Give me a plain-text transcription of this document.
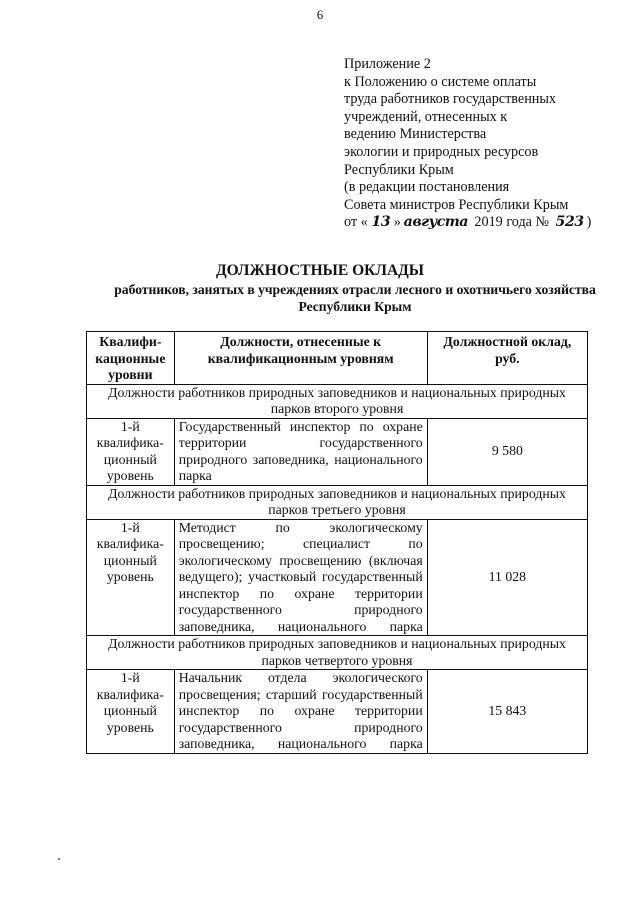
6
Приложение 2
к Положению о системе оплаты
труда работников государственных
учреждений, отнесенных к
ведению Министерства
экологии и природных ресурсов
Республики Крым
(в редакции постановления
Совета министров Республики Крым
от « 13 » августа 2019 года № 523 )
ДОЛЖНОСТНЫЕ ОКЛАДЫ
работников, занятых в учреждениях отрасли лесного и охотничьего хозяйства Республики Крым
Квалифи-кационные уровни	Должности, отнесенные к квалификационным уровням	Должностной оклад, руб.
Должности работников природных заповедников и национальных природных парков второго уровня		
1-й квалифика-ционный уровень	Государственный инспектор по охране территории государственного природного заповедника, национального парка	9 580
Должности работников природных заповедников и национальных природных парков третьего уровня		
1-й квалифика-ционный уровень	Методист по экологическому просвещению; специалист по экологическому просвещению (включая ведущего); участковый государственный инспектор по охране территории государственного природного заповедника, национального парка	11 028
Должности работников природных заповедников и национальных природных парков четвертого уровня		
1-й квалифика-ционный уровень	Начальник отдела экологического просвещения; старший государственный инспектор по охране территории государственного природного заповедника, национального парка	15 843
